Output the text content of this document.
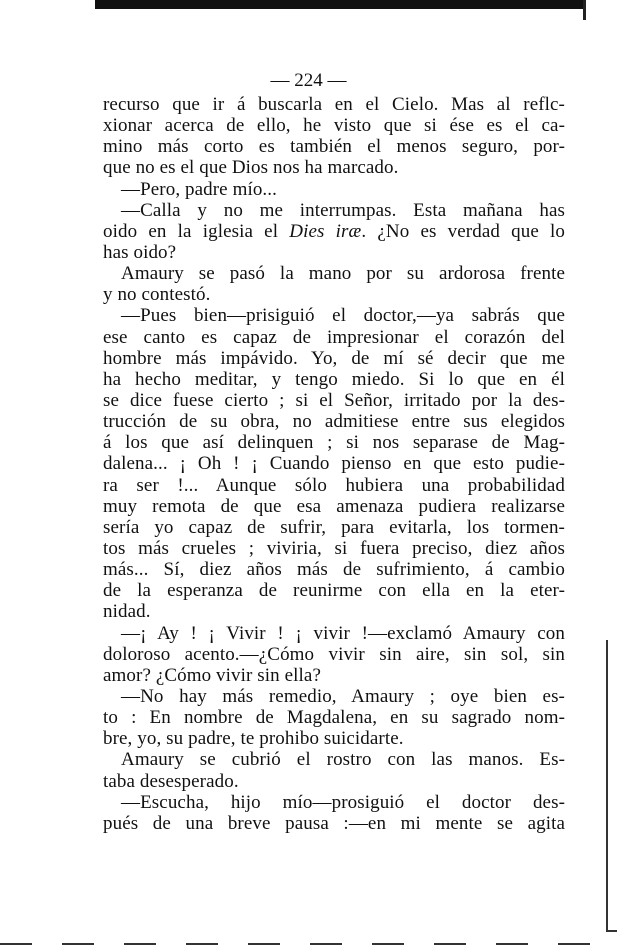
— 224 —
recurso que ir á buscarla en el Cielo. Mas al reflc-
xionar acerca de ello, he visto que si ése es el ca-
mino más corto es también el menos seguro, por-
que no es el que Dios nos ha marcado.
—Pero, padre mío...
—Calla y no me interrumpas. Esta mañana has
oido en la iglesia el Dies iræ. ¿No es verdad que lo
has oido?
Amaury se pasó la mano por su ardorosa frente
y no contestó.
—Pues bien—prisiguió el doctor,—ya sabrás que
ese canto es capaz de impresionar el corazón del
hombre más impávido. Yo, de mí sé decir que me
ha hecho meditar, y tengo miedo. Si lo que en él
se dice fuese cierto ; si el Señor, irritado por la des-
trucción de su obra, no admitiese entre sus elegidos
á los que así delinquen ; si nos separase de Mag-
dalena... ¡ Oh ! ¡ Cuando pienso en que esto pudie-
ra ser !... Aunque sólo hubiera una probabilidad
muy remota de que esa amenaza pudiera realizarse
sería yo capaz de sufrir, para evitarla, los tormen-
tos más crueles ; viviria, si fuera preciso, diez años
más... Sí, diez años más de sufrimiento, á cambio
de la esperanza de reunirme con ella en la eter-
nidad.
—¡ Ay ! ¡ Vivir ! ¡ vivir !—exclamó Amaury con
doloroso acento.—¿Cómo vivir sin aire, sin sol, sin
amor? ¿Cómo vivir sin ella?
—No hay más remedio, Amaury ; oye bien es-
to : En nombre de Magdalena, en su sagrado nom-
bre, yo, su padre, te prohibo suicidarte.
Amaury se cubrió el rostro con las manos. Es-
taba desesperado.
—Escucha, hijo mío—prosiguió el doctor des-
pués de una breve pausa :—en mi mente se agita
